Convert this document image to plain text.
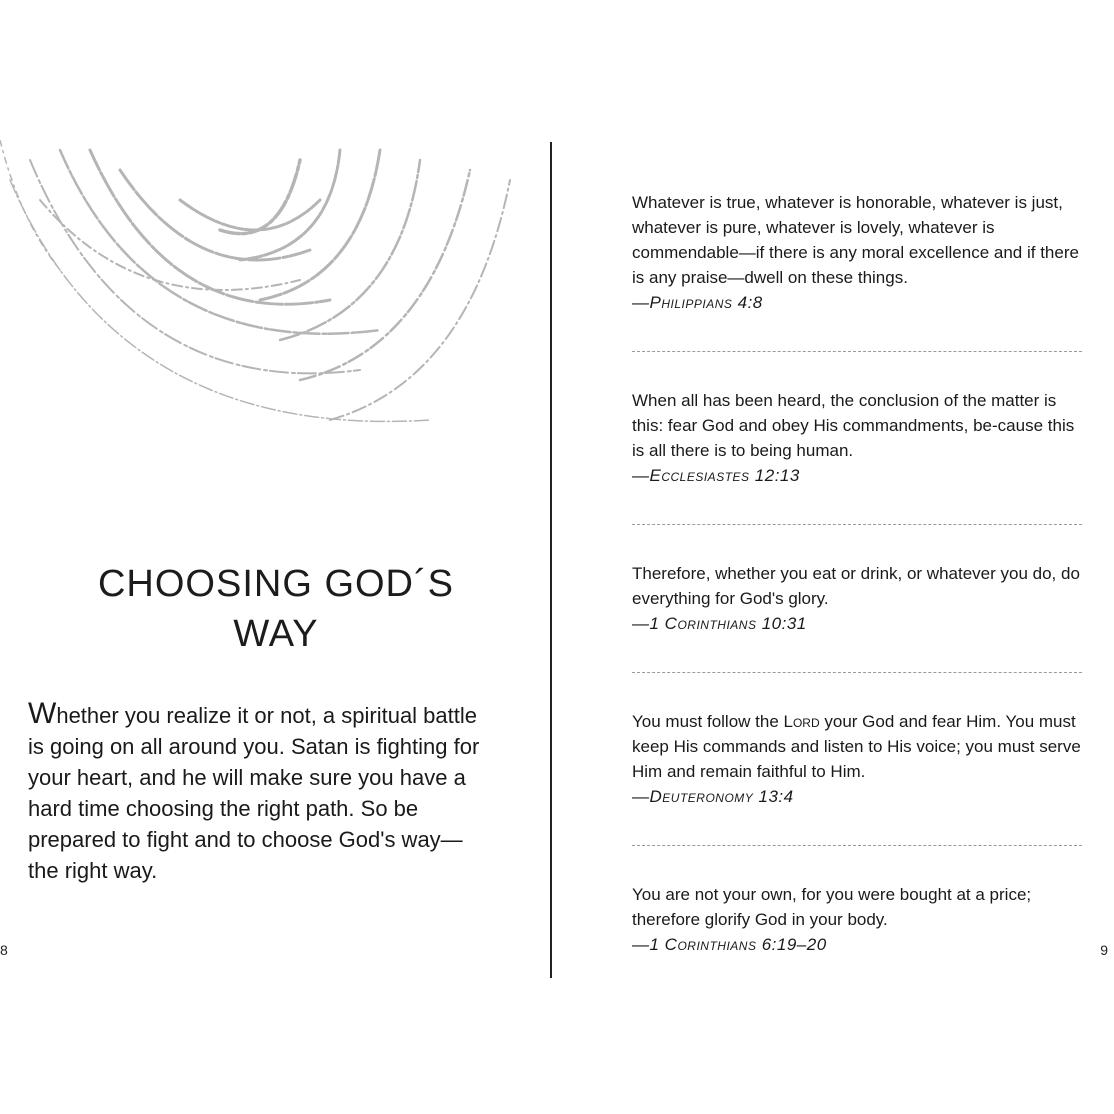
CHOOSING GOD´S
WAY

Whether you realize it or not, a spiritual battle is going on all around you. Satan is fighting for your heart, and he will make sure you have a hard time choosing the right path. So be prepared to fight and to choose God's way—the right way.

8
Whatever is true, whatever is honorable, whatever is just, whatever is pure, whatever is lovely, whatever is commendable—if there is any moral excellence and if there is any praise—dwell on these things.
—Philippians 4:8
When all has been heard, the conclusion of the matter is this: fear God and obey His commandments, be-cause this is all there is to being human.
—Ecclesiastes 12:13
Therefore, whether you eat or drink, or whatever you do, do everything for God's glory.
—1 Corinthians 10:31
You must follow the Lord your God and fear Him. You must keep His commands and listen to His voice; you must serve Him and remain faithful to Him.
—Deuteronomy 13:4
You are not your own, for you were bought at a price; therefore glorify God in your body.
—1 Corinthians 6:19–20	9
